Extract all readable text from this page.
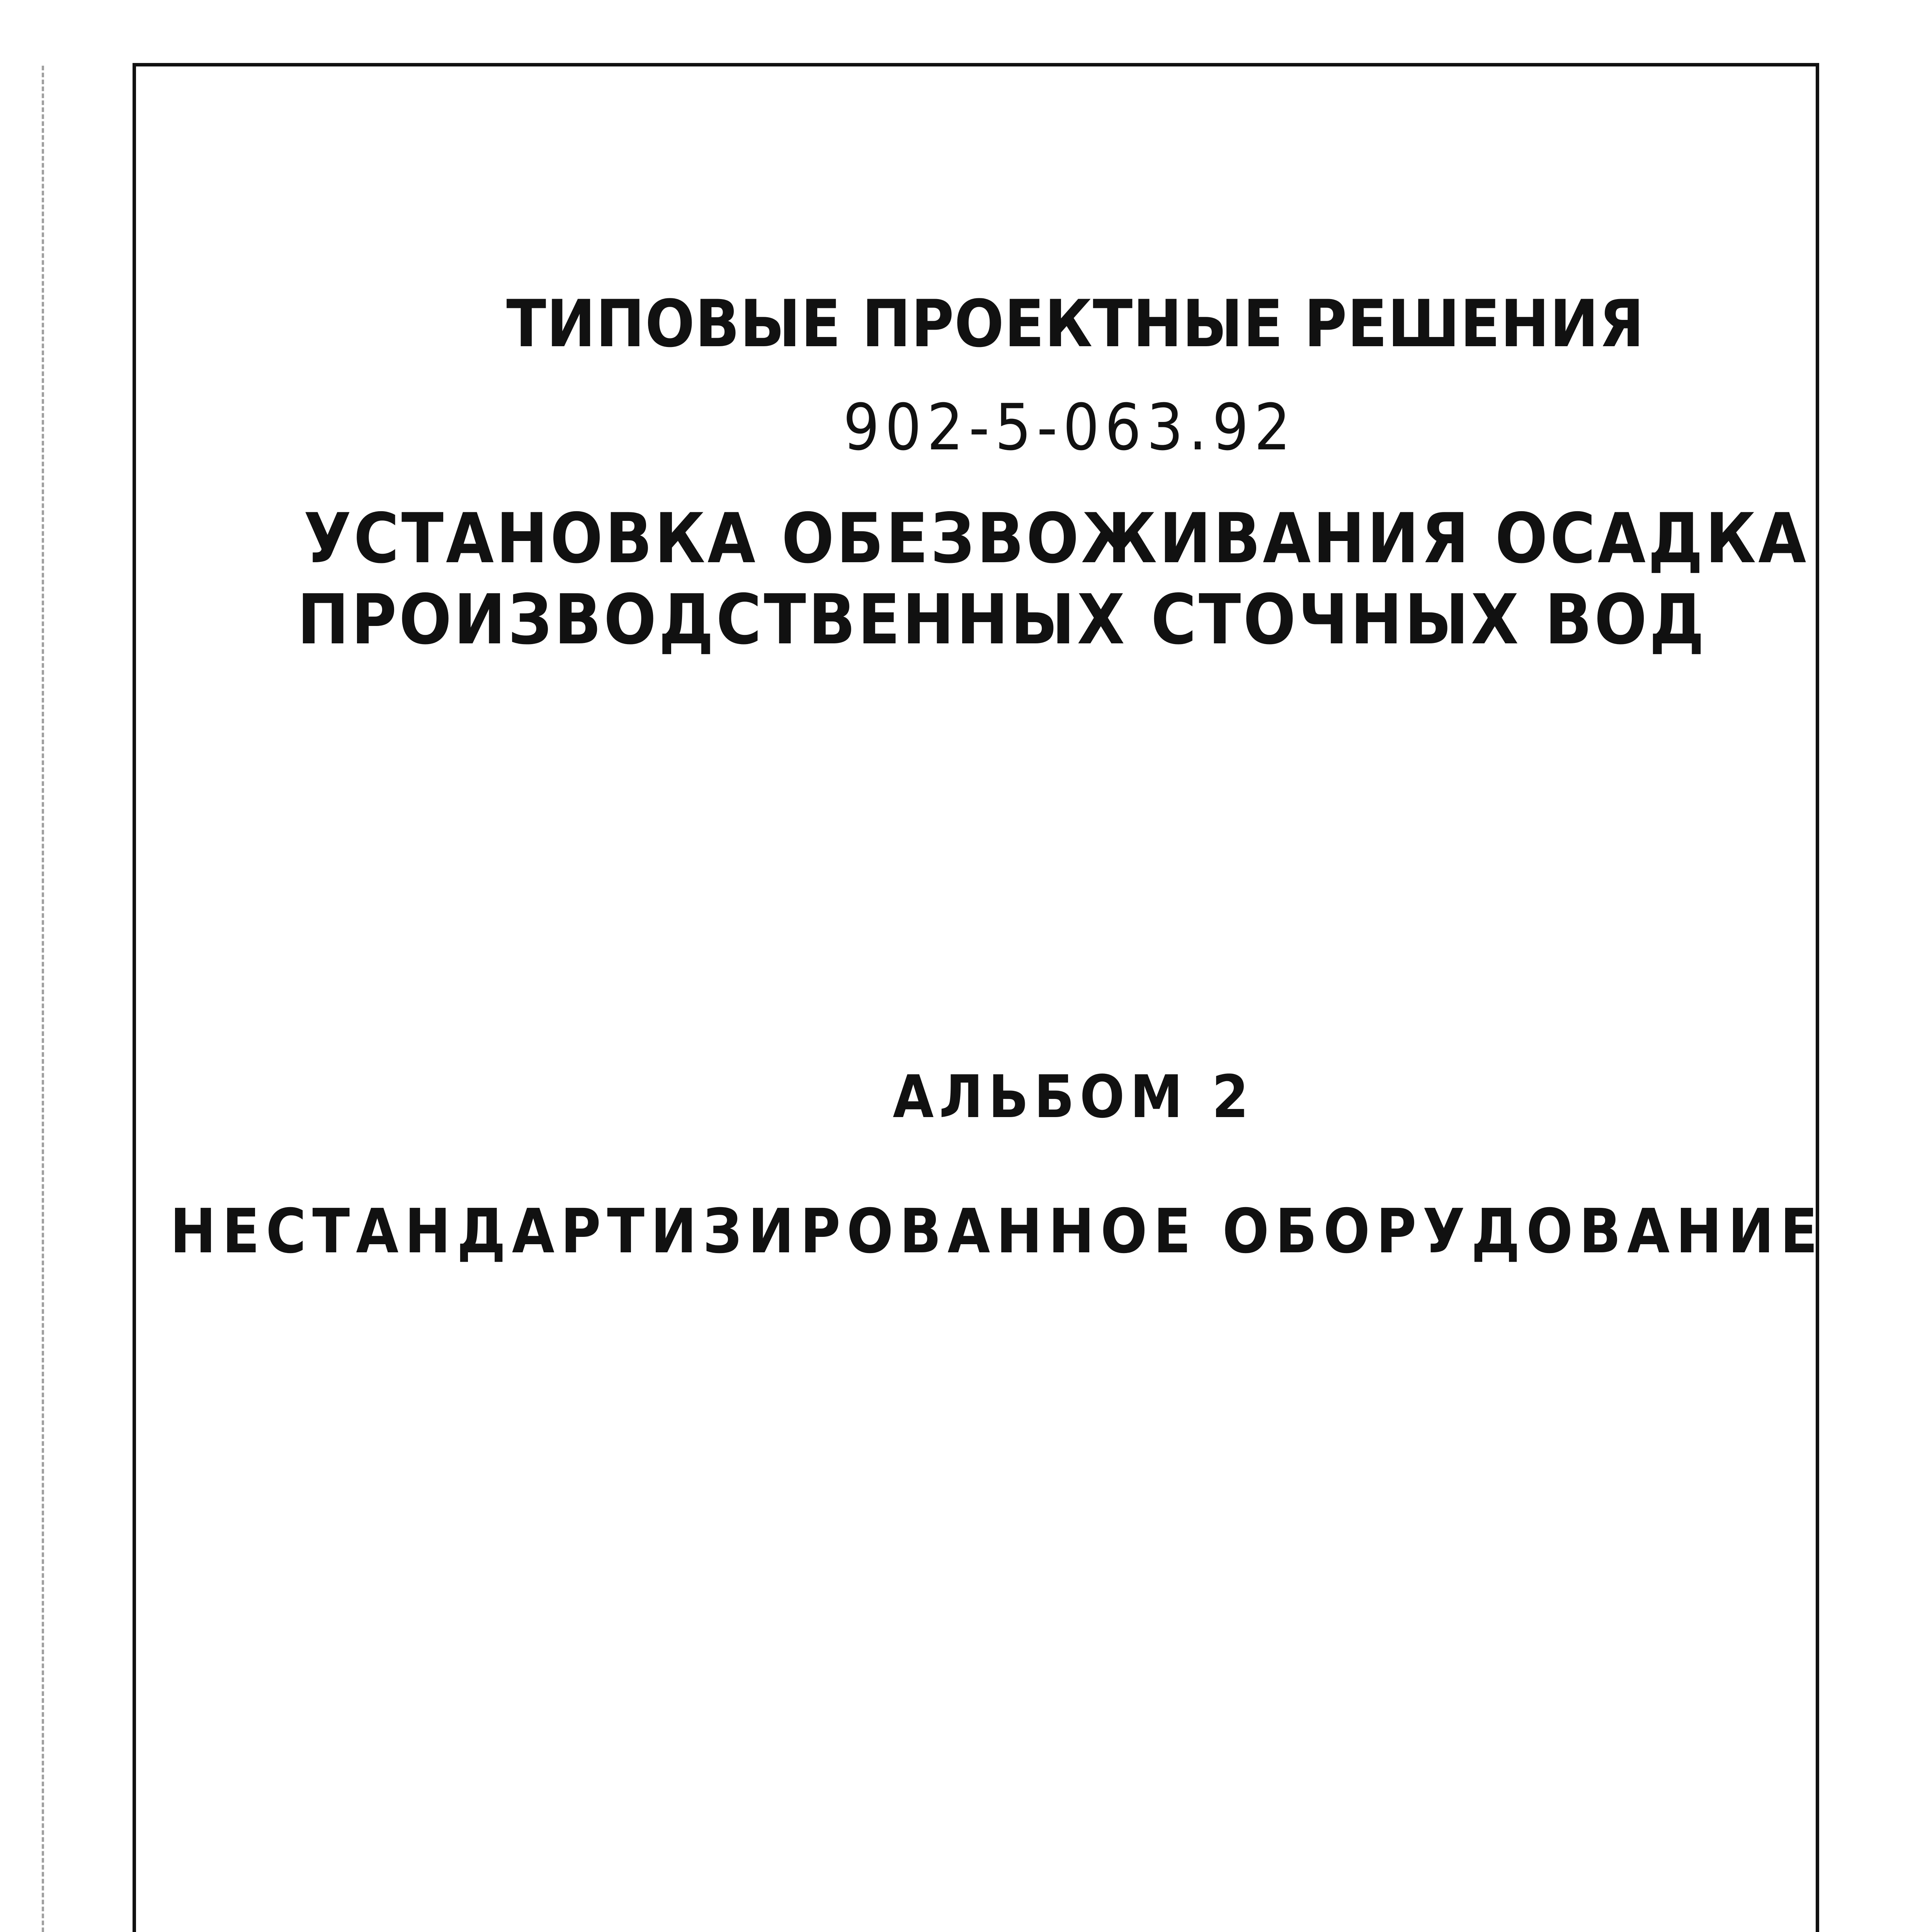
ТИПОВЫЕ ПРОЕКТНЫЕ РЕШЕНИЯ
902-5-063.92
УСТАНОВКА ОБЕЗВОЖИВАНИЯ ОСАДКА
ПРОИЗВОДСТВЕННЫХ СТОЧНЫХ ВОД
АЛЬБОМ 2
НЕСТАНДАРТИЗИРОВАННОЕ ОБОРУДОВАНИЕ
